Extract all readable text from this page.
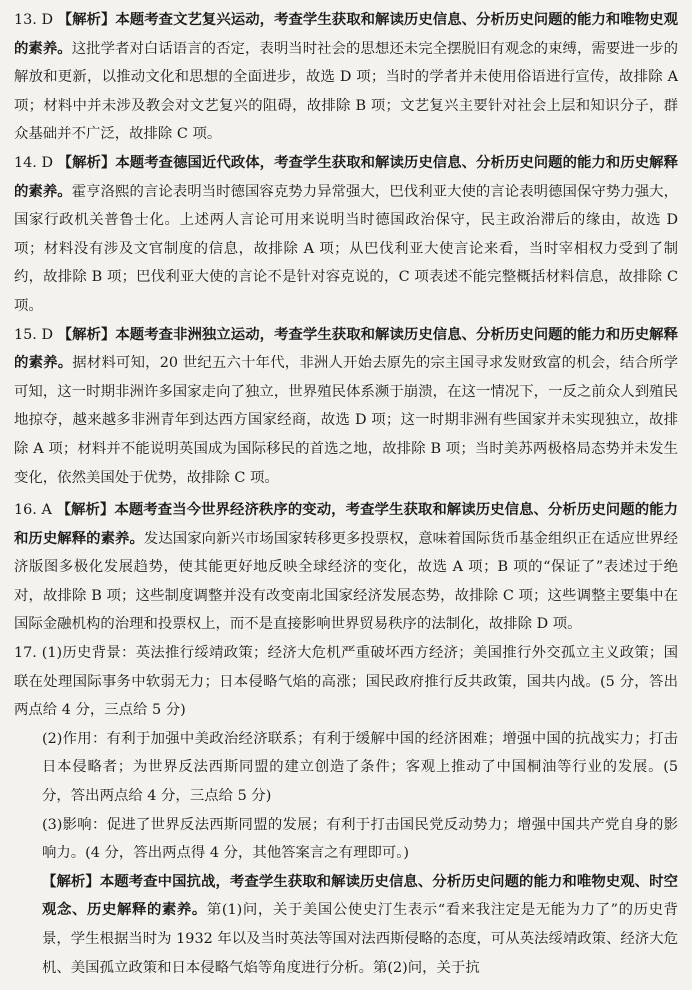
13. D 【解析】本题考查文艺复兴运动，考查学生获取和解读历史信息、分析历史问题的能力和唯物史观的素养。这批学者对白话语言的否定，表明当时社会的思想还未完全摆脱旧有观念的束缚，需要进一步的解放和更新，以推动文化和思想的全面进步，故选 D 项；当时的学者并未使用俗语进行宣传，故排除 A 项；材料中并未涉及教会对文艺复兴的阻碍，故排除 B 项；文艺复兴主要针对社会上层和知识分子，群众基础并不广泛，故排除 C 项。

14. D 【解析】本题考查德国近代政体，考查学生获取和解读历史信息、分析历史问题的能力和历史解释的素养。霍亨洛熙的言论表明当时德国容克势力异常强大，巴伐利亚大使的言论表明德国保守势力强大，国家行政机关普鲁士化。上述两人言论可用来说明当时德国政治保守，民主政治滞后的缘由，故选 D 项；材料没有涉及文官制度的信息，故排除 A 项；从巴伐利亚大使言论来看，当时宰相权力受到了制约，故排除 B 项；巴伐利亚大使的言论不是针对容克说的，C 项表述不能完整概括材料信息，故排除 C 项。

15. D 【解析】本题考查非洲独立运动，考查学生获取和解读历史信息、分析历史问题的能力和历史解释的素养。据材料可知，20 世纪五六十年代，非洲人开始去原先的宗主国寻求发财致富的机会，结合所学可知，这一时期非洲许多国家走向了独立，世界殖民体系濒于崩溃，在这一情况下，一反之前众人到殖民地掠夺，越来越多非洲青年到达西方国家经商，故选 D 项；这一时期非洲有些国家并未实现独立，故排除 A 项；材料并不能说明英国成为国际移民的首选之地，故排除 B 项；当时美苏两极格局态势并未发生变化，依然美国处于优势，故排除 C 项。

16. A 【解析】本题考查当今世界经济秩序的变动，考查学生获取和解读历史信息、分析历史问题的能力和历史解释的素养。发达国家向新兴市场国家转移更多投票权，意味着国际货币基金组织正在适应世界经济版图多极化发展趋势，使其能更好地反映全球经济的变化，故选 A 项；B 项的“保证了”表述过于绝对，故排除 B 项；这些制度调整并没有改变南北国家经济发展态势，故排除 C 项；这些调整主要集中在国际金融机构的治理和投票权上，而不是直接影响世界贸易秩序的法制化，故排除 D 项。

17. (1)历史背景：英法推行绥靖政策；经济大危机严重破坏西方经济；美国推行外交孤立主义政策；国联在处理国际事务中软弱无力；日本侵略气焰的高涨；国民政府推行反共政策，国共内战。(5 分，答出两点给 4 分，三点给 5 分)

(2)作用：有利于加强中美政治经济联系；有利于缓解中国的经济困难；增强中国的抗战实力；打击日本侵略者；为世界反法西斯同盟的建立创造了条件；客观上推动了中国桐油等行业的发展。(5 分，答出两点给 4 分，三点给 5 分)

(3)影响：促进了世界反法西斯同盟的发展；有利于打击国民党反动势力；增强中国共产党自身的影响力。(4 分，答出两点得 4 分，其他答案言之有理即可。)

【解析】本题考查中国抗战，考查学生获取和解读历史信息、分析历史问题的能力和唯物史观、时空观念、历史解释的素养。第(1)问，关于美国公使史汀生表示“看来我注定是无能为力了”的历史背景，学生根据当时为 1932 年以及当时英法等国对法西斯侵略的态度，可从英法绥靖政策、经济大危机、美国孤立政策和日本侵略气焰等角度进行分析。第(2)问，关于抗
